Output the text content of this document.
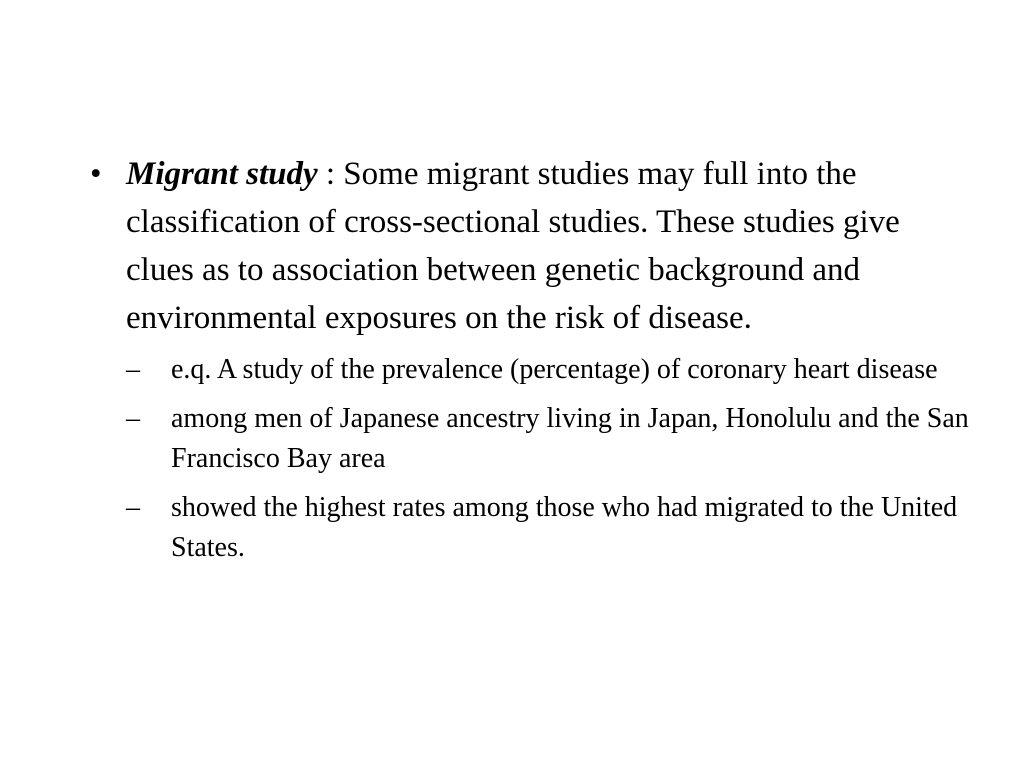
• Migrant study : Some migrant studies may full into the classification of cross-sectional studies. These studies give clues as to association between genetic background and environmental exposures on the risk of disease.
–	e.q. A study of the prevalence (percentage) of coronary heart disease
–	among men of Japanese ancestry living in Japan, Honolulu and the San Francisco Bay area
–	showed the highest rates among those who had migrated to the United States.
